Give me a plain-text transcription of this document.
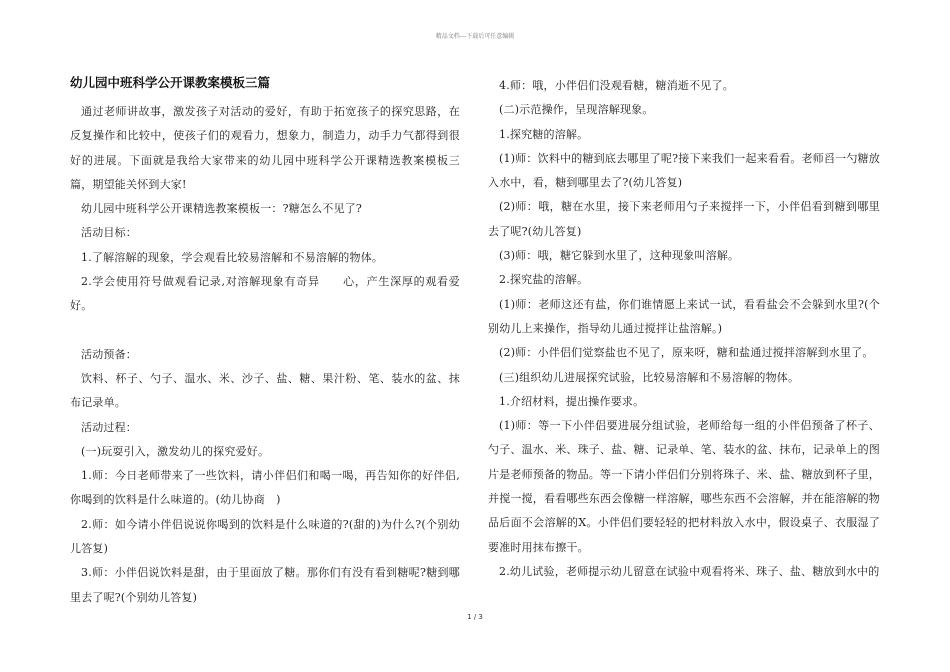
精品文档---下载后可任意编辑
幼儿园中班科学公开课教案模板三篇

通过老师讲故事，激发孩子对活动的爱好，有助于拓宽孩子的探究思路，在反复操作和比较中，使孩子们的观看力，想象力，制造力，动手力气都得到很好的进展。下面就是我给大家带来的幼儿园中班科学公开课精选教案模板三篇，期望能关怀到大家!

幼儿园中班科学公开课精选教案模板一：?糖怎么不见了?

活动目标：

1.了解溶解的现象，学会观看比较易溶解和不易溶解的物体。

2.学会使用符号做观看记录,对溶解现象有奇异　　心，产生深厚的观看爱好。

活动预备：

饮料、杯子、勺子、温水、米、沙子、盐、糖、果汁粉、笔、装水的盆、抹布记录单。

活动过程：

(一)玩耍引入，激发幼儿的探究爱好。

1.师：今日老师带来了一些饮料，请小伴侣们和喝一喝，再告知你的好伴侣,你喝到的饮料是什么味道的。(幼儿协商　)

2.师：如今请小伴侣说说你喝到的饮料是什么味道的?(甜的)为什么?(个别幼儿答复)

3.师：小伴侣说饮料是甜，由于里面放了糖。那你们有没有看到糖呢?糖到哪里去了呢?(个别幼儿答复)

4.师：哦，小伴侣们没观看糖，糖消逝不见了。

(二)示范操作，呈现溶解现象。

1.探究糖的溶解。

(1)师：饮料中的糖到底去哪里了呢?接下来我们一起来看看。老师舀一勺糖放入水中，看，糖到哪里去了?(幼儿答复)

(2)师：哦，糖在水里，接下来老师用勺子来搅拌一下，小伴侣看到糖到哪里去了呢?(幼儿答复)

(3)师：哦，糖它躲到水里了，这种现象叫溶解。

2.探究盐的溶解。

(1)师：老师这还有盐，你们谁情愿上来试一试，看看盐会不会躲到水里?(个别幼儿上来操作，指导幼儿通过搅拌让盐溶解。)

(2)师：小伴侣们觉察盐也不见了，原来呀，糖和盐通过搅拌溶解到水里了。

(三)组织幼儿进展探究试验，比较易溶解和不易溶解的物体。

1.介绍材料，提出操作要求。

(1)师：等一下小伴侣要进展分组试验，老师给每一组的小伴侣预备了杯子、勺子、温水、米、珠子、盐、糖、记录单、笔、装水的盆、抹布，记录单上的图片是老师预备的物品。等一下请小伴侣们分别将珠子、米、盐、糖放到杯子里，并搅一搅，看看哪些东西会像糖一样溶解，哪些东西不会溶解，并在能溶解的物品后面不会溶解的X。小伴侣们要轻轻的把材料放入水中，假设桌子、衣服湿了要准时用抹布擦干。

2.幼儿试验，老师提示幼儿留意在试验中观看将米、珠子、盐、糖放到水中的

1 / 3
